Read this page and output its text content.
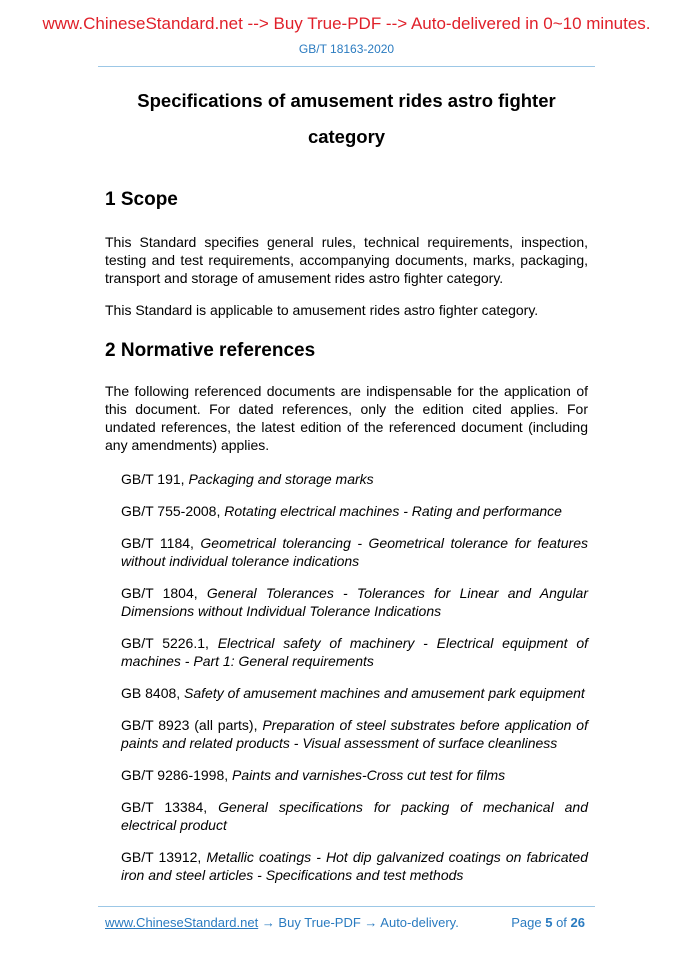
www.ChineseStandard.net --> Buy True-PDF --> Auto-delivered in 0~10 minutes.
GB/T 18163-2020
Specifications of amusement rides astro fighter
category
1 Scope
This Standard specifies general rules, technical requirements, inspection, testing and test requirements, accompanying documents, marks, packaging, transport and storage of amusement rides astro fighter category.
This Standard is applicable to amusement rides astro fighter category.
2 Normative references
The following referenced documents are indispensable for the application of this document. For dated references, only the edition cited applies. For undated references, the latest edition of the referenced document (including any amendments) applies.
GB/T 191, Packaging and storage marks
GB/T 755-2008, Rotating electrical machines - Rating and performance
GB/T 1184, Geometrical tolerancing - Geometrical tolerance for features without individual tolerance indications
GB/T 1804, General Tolerances - Tolerances for Linear and Angular Dimensions without Individual Tolerance Indications
GB/T 5226.1, Electrical safety of machinery - Electrical equipment of machines - Part 1: General requirements
GB 8408, Safety of amusement machines and amusement park equipment
GB/T 8923 (all parts), Preparation of steel substrates before application of paints and related products - Visual assessment of surface cleanliness
GB/T 9286-1998, Paints and varnishes-Cross cut test for films
GB/T 13384, General specifications for packing of mechanical and electrical product
GB/T 13912, Metallic coatings - Hot dip galvanized coatings on fabricated iron and steel articles - Specifications and test methods
www.ChineseStandard.net → Buy True-PDF → Auto-delivery.	Page 5 of 26
